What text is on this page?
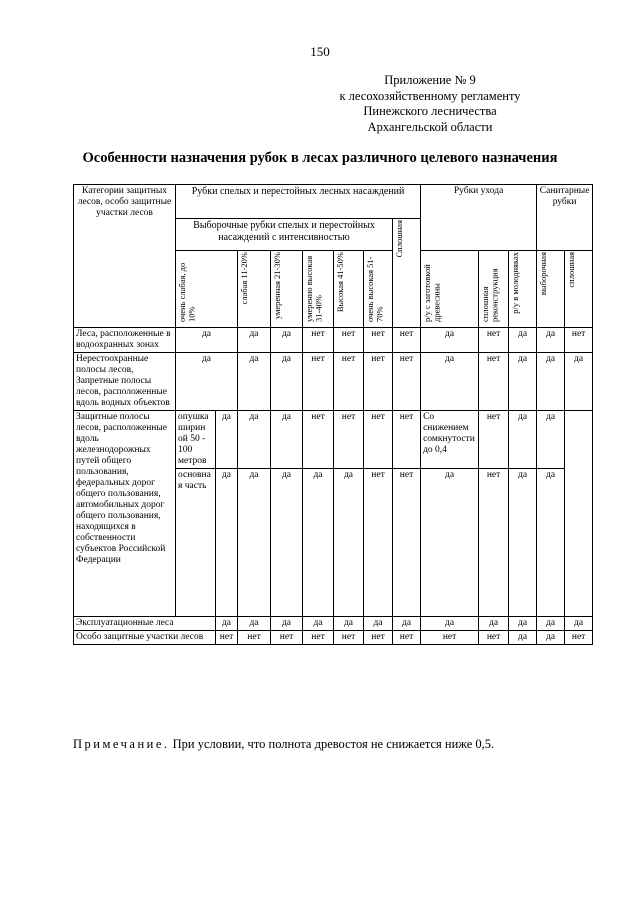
150
Приложение № 9
к лесохозяйственному регламенту
Пинежского лесничества
Архангельской области
Особенности назначения рубок в лесах различного целевого назначения
Категории защитных лесов, особо защитные участки лесов	Рубки спелых и перестойных лесных насаждений								Рубки ухода			Санитарные рубки	
	Выборочные рубки спелых и перестойных насаждений с интенсивностью							Сплошная					
	очень слабая, до 10%		слабая 11-20%	умеренная 21-30%	умеренно высокая 31-40%	Высокая 41-50%	очень высокая 51-70%		р/у с заготовкой древесины	сплошная реконструкция	р/у в молодняках	выборочная	сплошная
Леса, расположенные в водоохранных зонах	да		да	да	нет	нет	нет	нет	да	нет	да	да	нет
Нерестоохранные полосы лесов, Запретные полосы лесов, расположенные вдоль водных объектов	да		да	да	нет	нет	нет	нет	да	нет	да	да	да
Защитные полосы лесов, расположенные вдоль железнодорожных путей общего пользования, федеральных дорог общего пользования, автомобильных дорог общего пользования, находящихся в собственности субъектов Российской Федерации	опушка ширин ой 50 - 100 метров	да	да	да	нет	нет	нет	нет	Со снижением сомкнутости до 0,4	нет	да	да	
	основная часть	да	да	да	да	да	нет	нет	да	нет	да	да	
Эксплуатационные леса		да	да	да	да	да	да	да	да	да	да	да	да
Особо защитные участки лесов		нет	нет	нет	нет	нет	нет	нет	нет	нет	да	да	нет
Примечание. При условии, что полнота древостоя не снижается ниже 0,5.
